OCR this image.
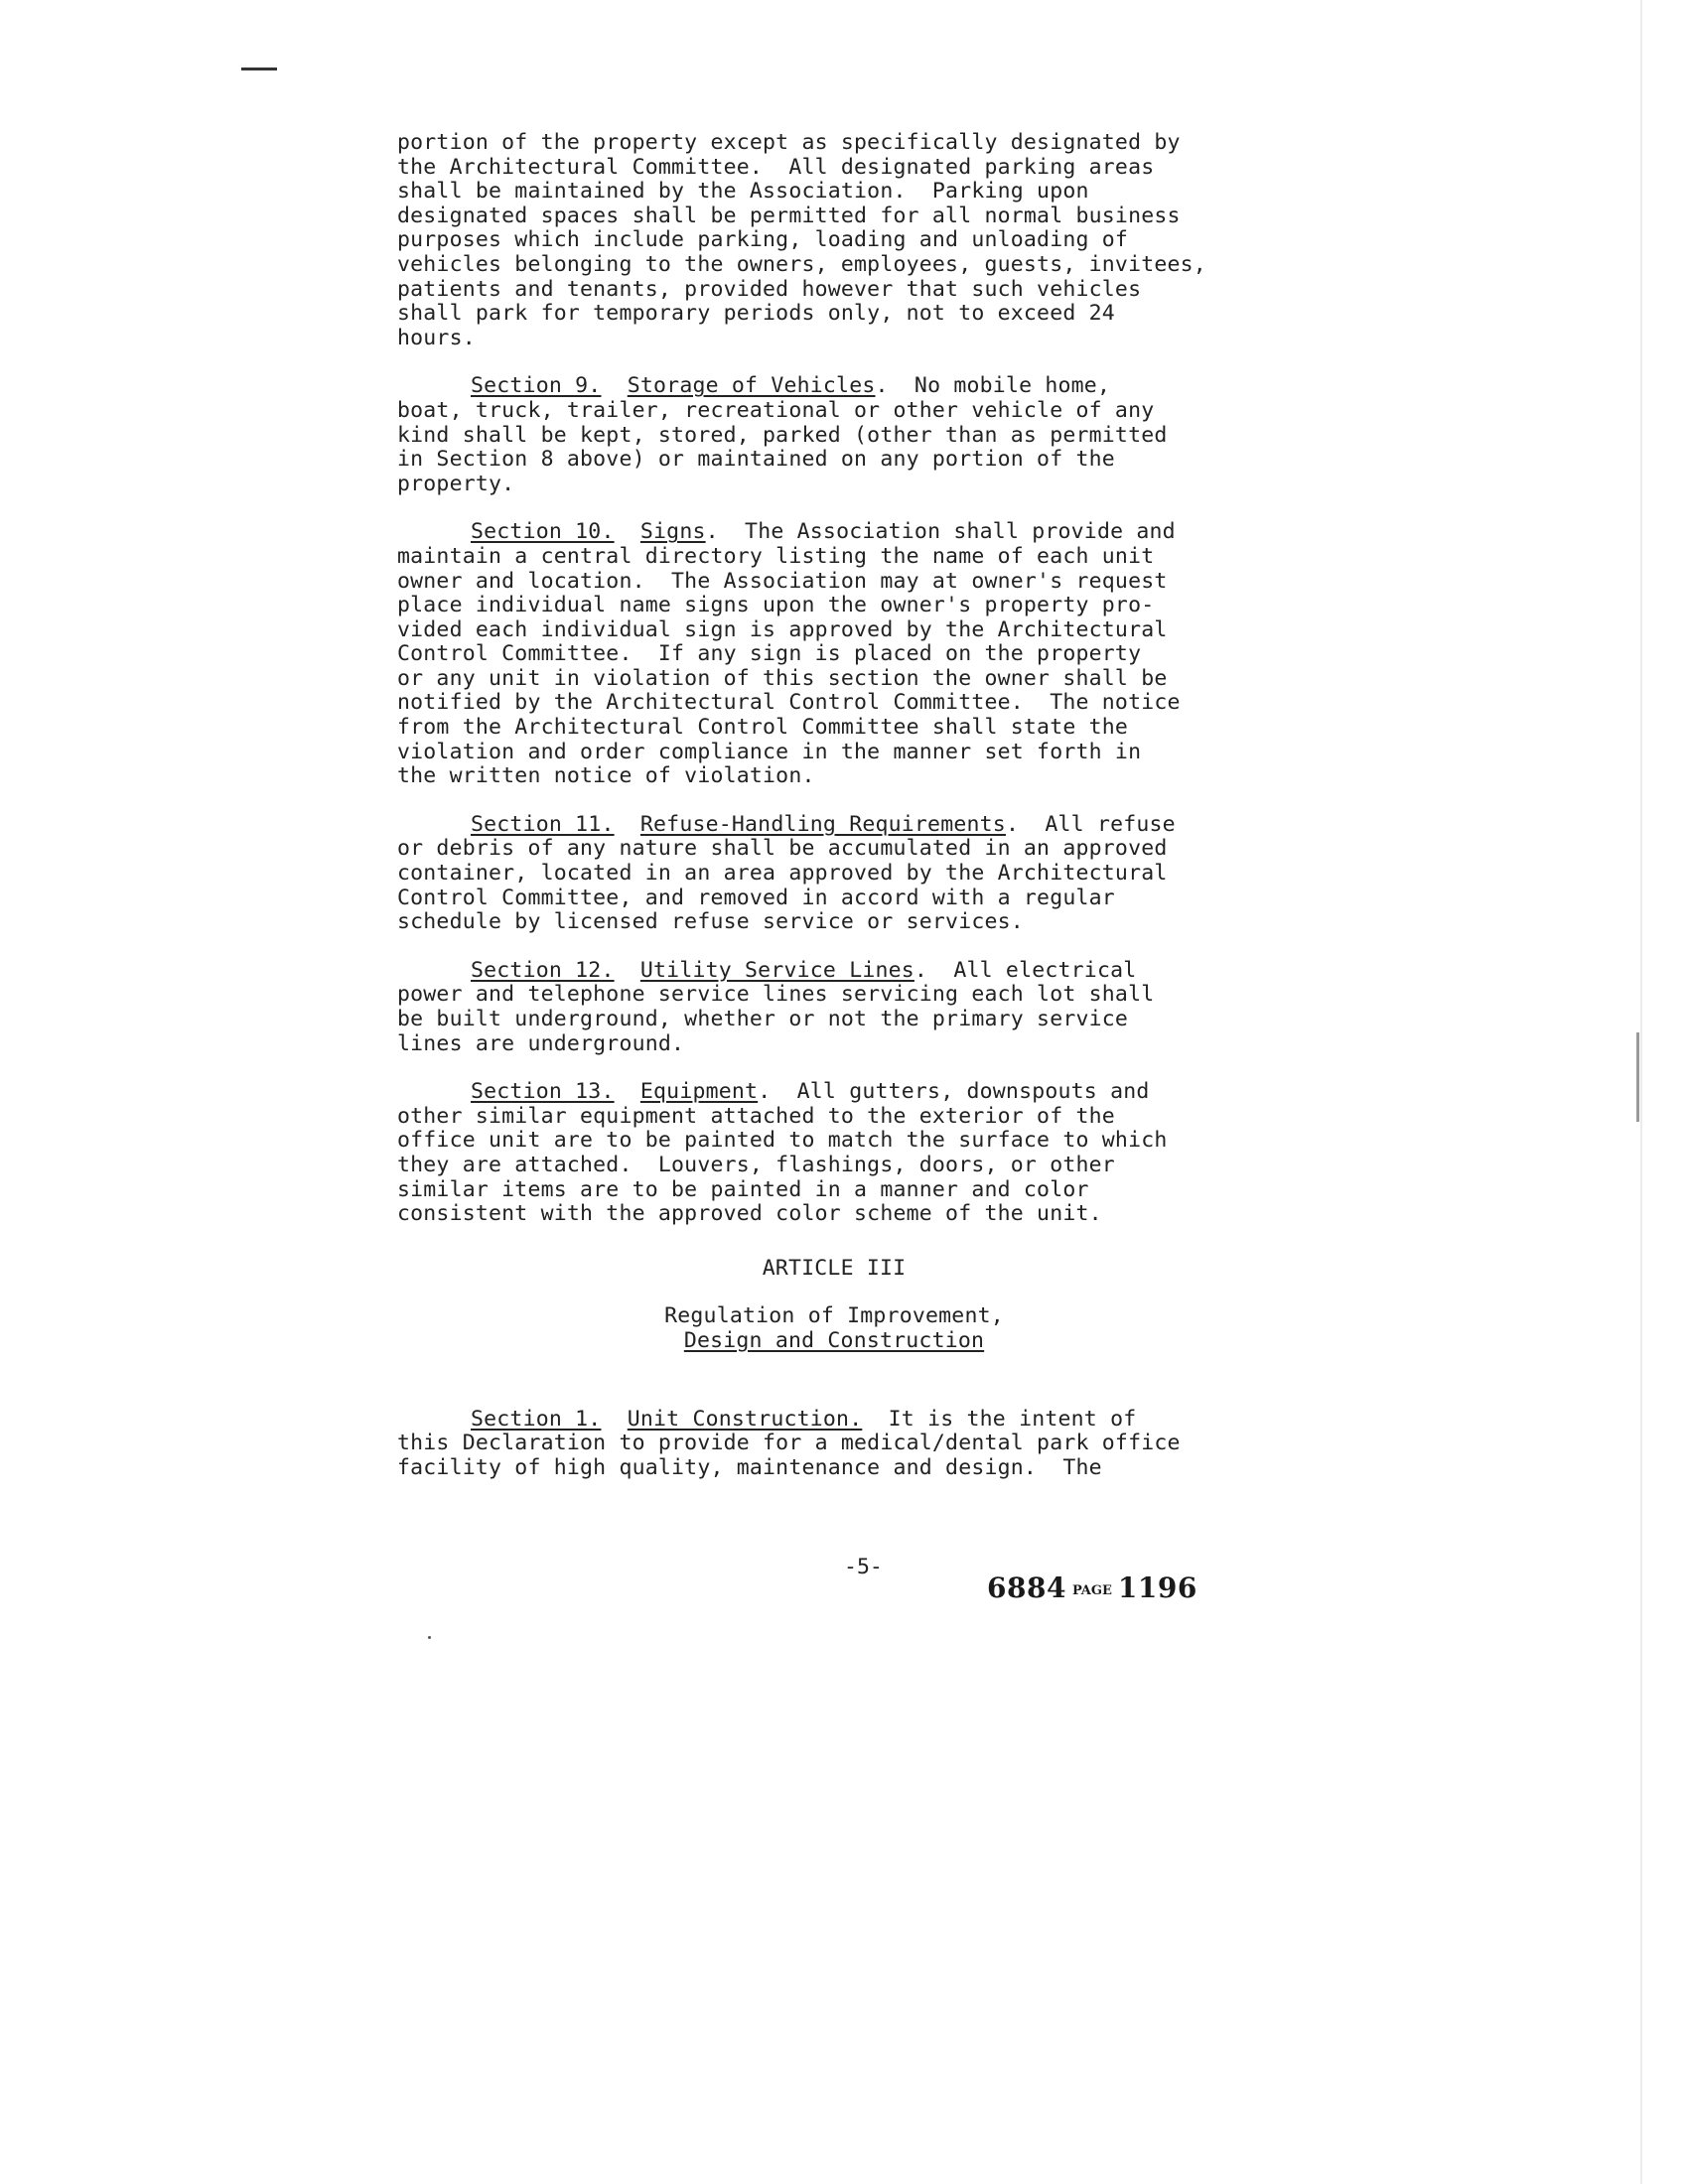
portion of the property except as specifically designated by
the Architectural Committee.  All designated parking areas
shall be maintained by the Association.  Parking upon
designated spaces shall be permitted for all normal business
purposes which include parking, loading and unloading of
vehicles belonging to the owners, employees, guests, invitees,
patients and tenants, provided however that such vehicles
shall park for temporary periods only, not to exceed 24
hours.
Section 9. Storage of Vehicles.  No mobile home,
boat, truck, trailer, recreational or other vehicle of any
kind shall be kept, stored, parked (other than as permitted
in Section 8 above) or maintained on any portion of the
property.
Section 10. Signs.  The Association shall provide and
maintain a central directory listing the name of each unit
owner and location.  The Association may at owner's request
place individual name signs upon the owner's property pro-
vided each individual sign is approved by the Architectural
Control Committee.  If any sign is placed on the property
or any unit in violation of this section the owner shall be
notified by the Architectural Control Committee.  The notice
from the Architectural Control Committee shall state the
violation and order compliance in the manner set forth in
the written notice of violation.
Section 11. Refuse-Handling Requirements.  All refuse
or debris of any nature shall be accumulated in an approved
container, located in an area approved by the Architectural
Control Committee, and removed in accord with a regular
schedule by licensed refuse service or services.
Section 12. Utility Service Lines.  All electrical
power and telephone service lines servicing each lot shall
be built underground, whether or not the primary service
lines are underground.
Section 13. Equipment.  All gutters, downspouts and
other similar equipment attached to the exterior of the
office unit are to be painted to match the surface to which
they are attached.  Louvers, flashings, doors, or other
similar items are to be painted in a manner and color
consistent with the approved color scheme of the unit.
ARTICLE III
Regulation of Improvement,
Design and Construction
Section 1. Unit Construction.  It is the intent of
this Declaration to provide for a medical/dental park office
facility of high quality, maintenance and design.  The
-5-
6884 PAGE 1196
